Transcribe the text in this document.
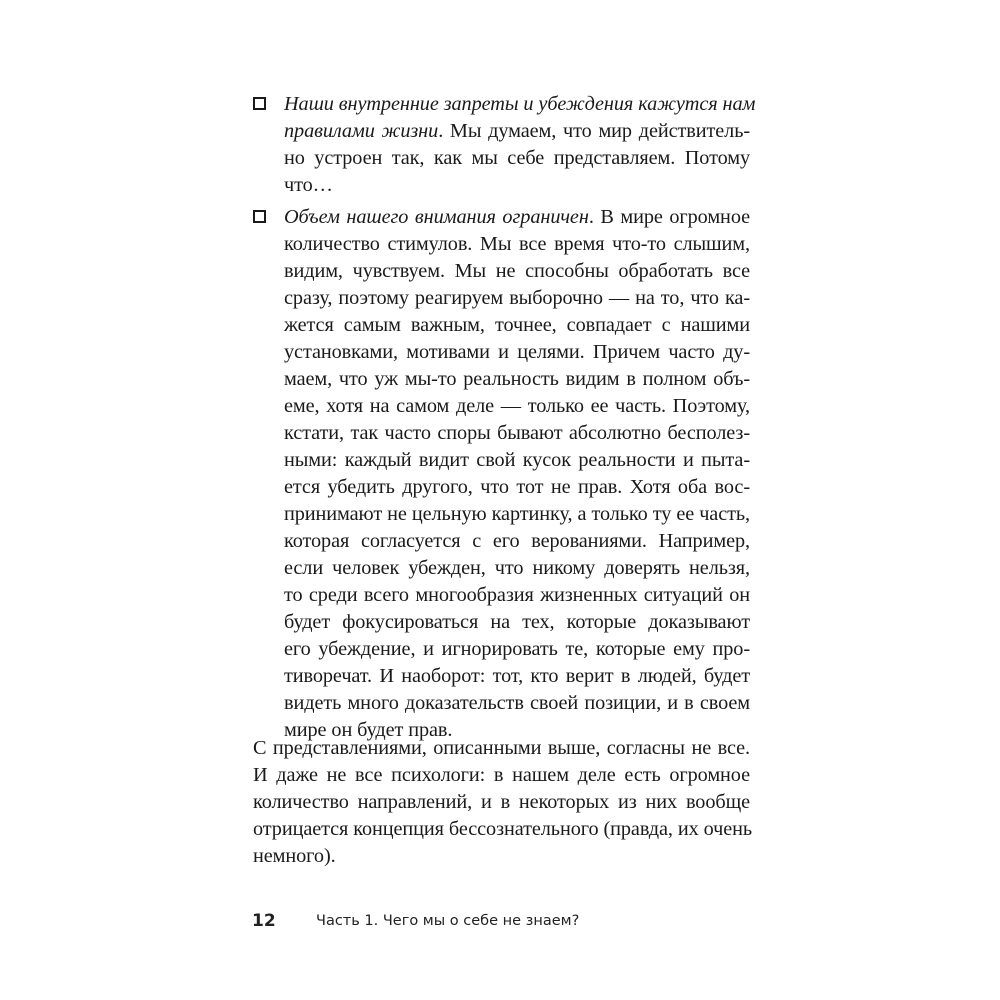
Наши внутренние запреты и убеждения кажутся нам
правилами жизни. Мы думаем, что мир действитель-
но устроен так, как мы себе представляем. Потому
что…
Объем нашего внимания ограничен. В мире огромное
количество стимулов. Мы все время что-то слышим,
видим, чувствуем. Мы не способны обработать все
сразу, поэтому реагируем выборочно — на то, что ка-
жется самым важным, точнее, совпадает с нашими
установками, мотивами и целями. Причем часто ду-
маем, что уж мы-то реальность видим в полном объ-
еме, хотя на самом деле — только ее часть. Поэтому,
кстати, так часто споры бывают абсолютно бесполез-
ными: каждый видит свой кусок реальности и пыта-
ется убедить другого, что тот не прав. Хотя оба вос-
принимают не цельную картинку, а только ту ее часть,
которая согласуется с его верованиями. Например,
если человек убежден, что никому доверять нельзя,
то среди всего многообразия жизненных ситуаций он
будет фокусироваться на тех, которые доказывают
его убеждение, и игнорировать те, которые ему про-
тиворечат. И наоборот: тот, кто верит в людей, будет
видеть много доказательств своей позиции, и в своем
мире он будет прав.
С представлениями, описанными выше, согласны не все.
И даже не все психологи: в нашем деле есть огромное
количество направлений, и в некоторых из них вообще
отрицается концепция бессознательного (правда, их очень
немного).
12	Часть 1. Чего мы о себе не знаем?
